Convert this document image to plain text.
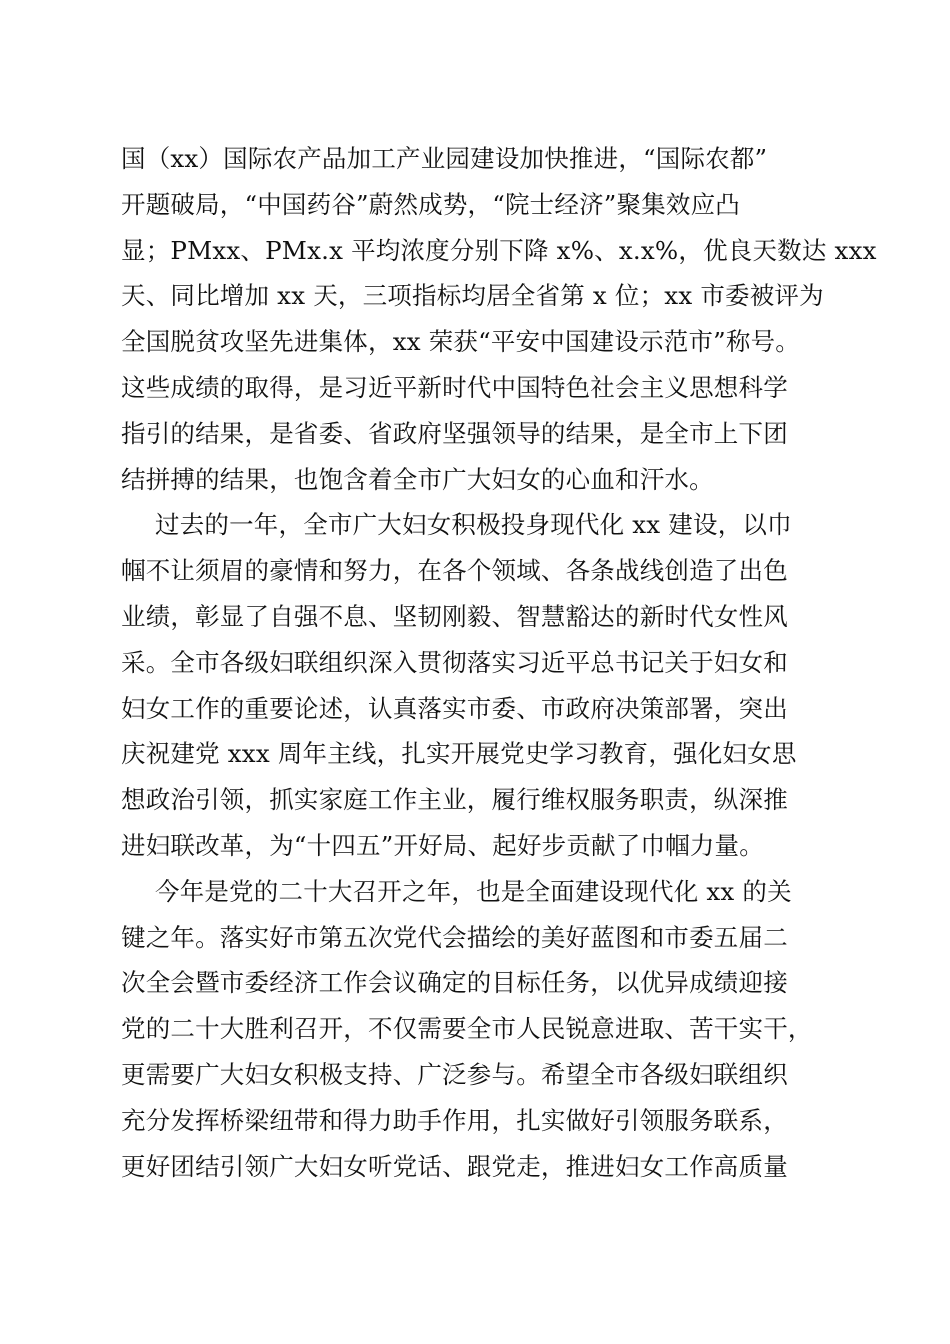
国（xx）国际农产品加工产业园建设加快推进，“国际农都”
开题破局，“中国药谷”蔚然成势，“院士经济”聚集效应凸
显；PMxx、PMx.x 平均浓度分别下降 x%、x.x%，优良天数达 xxx
天、同比增加 xx 天，三项指标均居全省第 x 位；xx 市委被评为
全国脱贫攻坚先进集体，xx 荣获“平安中国建设示范市”称号。
这些成绩的取得，是习近平新时代中国特色社会主义思想科学
指引的结果，是省委、省政府坚强领导的结果，是全市上下团
结拼搏的结果，也饱含着全市广大妇女的心血和汗水。
过去的一年，全市广大妇女积极投身现代化 xx 建设，以巾
帼不让须眉的豪情和努力，在各个领域、各条战线创造了出色
业绩，彰显了自强不息、坚韧刚毅、智慧豁达的新时代女性风
采。全市各级妇联组织深入贯彻落实习近平总书记关于妇女和
妇女工作的重要论述，认真落实市委、市政府决策部署，突出
庆祝建党 xxx 周年主线，扎实开展党史学习教育，强化妇女思
想政治引领，抓实家庭工作主业，履行维权服务职责，纵深推
进妇联改革，为“十四五”开好局、起好步贡献了巾帼力量。
今年是党的二十大召开之年，也是全面建设现代化 xx 的关
键之年。落实好市第五次党代会描绘的美好蓝图和市委五届二
次全会暨市委经济工作会议确定的目标任务，以优异成绩迎接
党的二十大胜利召开，不仅需要全市人民锐意进取、苦干实干，
更需要广大妇女积极支持、广泛参与。希望全市各级妇联组织
充分发挥桥梁纽带和得力助手作用，扎实做好引领服务联系，
更好团结引领广大妇女听党话、跟党走，推进妇女工作高质量
